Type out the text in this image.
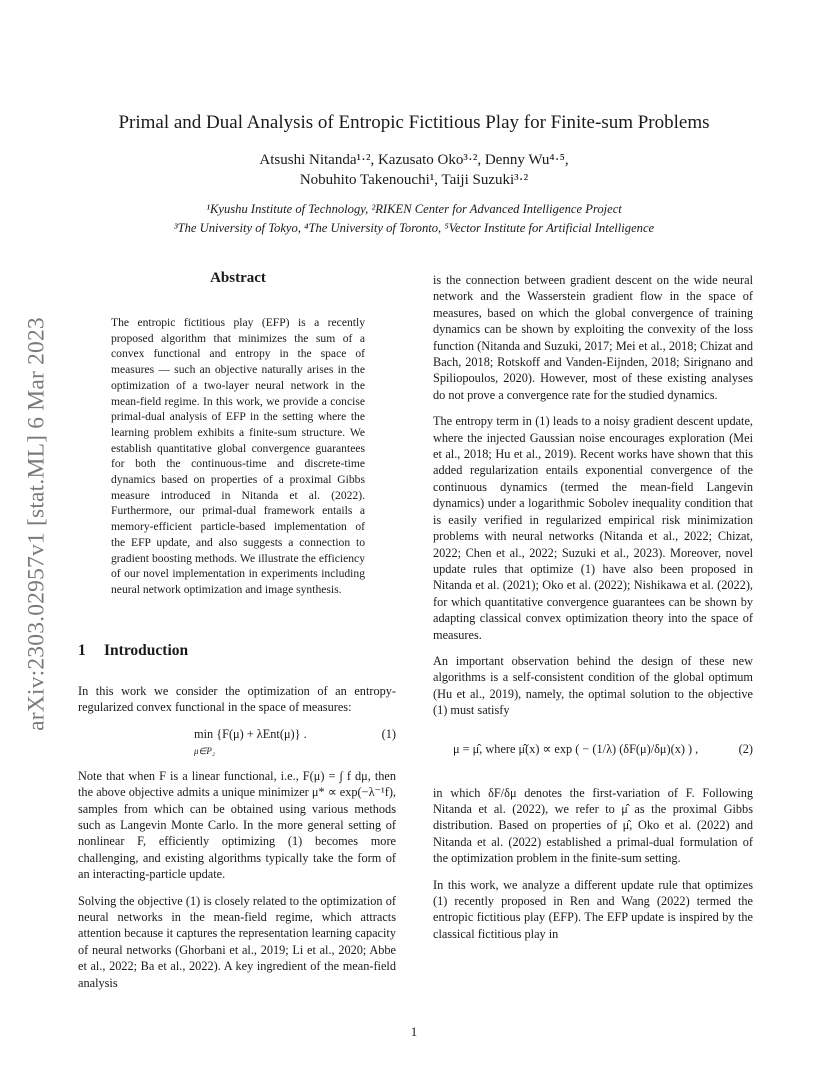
arXiv:2303.02957v1 [stat.ML] 6 Mar 2023
Primal and Dual Analysis of Entropic Fictitious Play for Finite-sum Problems
Atsushi Nitanda¹·², Kazusato Oko³·², Denny Wu⁴·⁵,
Nobuhito Takenouchi¹, Taiji Suzuki³·²
¹Kyushu Institute of Technology, ²RIKEN Center for Advanced Intelligence Project
³The University of Tokyo, ⁴The University of Toronto, ⁵Vector Institute for Artificial Intelligence
Abstract
The entropic fictitious play (EFP) is a recently proposed algorithm that minimizes the sum of a convex functional and entropy in the space of measures — such an objective naturally arises in the optimization of a two-layer neural network in the mean-field regime. In this work, we provide a concise primal-dual analysis of EFP in the setting where the learning problem exhibits a finite-sum structure. We establish quantitative global convergence guarantees for both the continuous-time and discrete-time dynamics based on properties of a proximal Gibbs measure introduced in Nitanda et al. (2022). Furthermore, our primal-dual framework entails a memory-efficient particle-based implementation of the EFP update, and also suggests a connection to gradient boosting methods. We illustrate the efficiency of our novel implementation in experiments including neural network optimization and image synthesis.
1 Introduction

In this work we consider the optimization of an entropy-regularized convex functional in the space of measures:

min {F(μ) + λEnt(μ)} .
μ∈P₂
(1)

Note that when F is a linear functional, i.e., F(μ) = ∫ f dμ, then the above objective admits a unique minimizer μ* ∝ exp(−λ⁻¹f), samples from which can be obtained using various methods such as Langevin Monte Carlo. In the more general setting of nonlinear F, efficiently optimizing (1) becomes more challenging, and existing algorithms typically take the form of an interacting-particle update.

Solving the objective (1) is closely related to the optimization of neural networks in the mean-field regime, which attracts attention because it captures the representation learning capacity of neural networks (Ghorbani et al., 2019; Li et al., 2020; Abbe et al., 2022; Ba et al., 2022). A key ingredient of the mean-field analysis

is the connection between gradient descent on the wide neural network and the Wasserstein gradient flow in the space of measures, based on which the global convergence of training dynamics can be shown by exploiting the convexity of the loss function (Nitanda and Suzuki, 2017; Mei et al., 2018; Chizat and Bach, 2018; Rotskoff and Vanden-Eijnden, 2018; Sirignano and Spiliopoulos, 2020). However, most of these existing analyses do not prove a convergence rate for the studied dynamics.

The entropy term in (1) leads to a noisy gradient descent update, where the injected Gaussian noise encourages exploration (Mei et al., 2018; Hu et al., 2019). Recent works have shown that this added regularization entails exponential convergence of the continuous dynamics (termed the mean-field Langevin dynamics) under a logarithmic Sobolev inequality condition that is easily verified in regularized empirical risk minimization problems with neural networks (Nitanda et al., 2022; Chizat, 2022; Chen et al., 2022; Suzuki et al., 2023). Moreover, novel update rules that optimize (1) have also been proposed in Nitanda et al. (2021); Oko et al. (2022); Nishikawa et al. (2022), for which quantitative convergence guarantees can be shown by adapting classical convex optimization theory into the space of measures.

An important observation behind the design of these new algorithms is a self-consistent condition of the global optimum (Hu et al., 2019), namely, the optimal solution to the objective (1) must satisfy

μ = μ̂, where μ̂(x) ∝ exp ( − (1/λ) (δF(μ)/δμ)(x) ) ,	(2)

in which δF/δμ denotes the first-variation of F. Following Nitanda et al. (2022), we refer to μ̂ as the proximal Gibbs distribution. Based on properties of μ̂, Oko et al. (2022) and Nitanda et al. (2022) established a primal-dual formulation of the optimization problem in the finite-sum setting.

In this work, we analyze a different update rule that optimizes (1) recently proposed in Ren and Wang (2022) termed the entropic fictitious play (EFP). The EFP update is inspired by the classical fictitious play in

1
